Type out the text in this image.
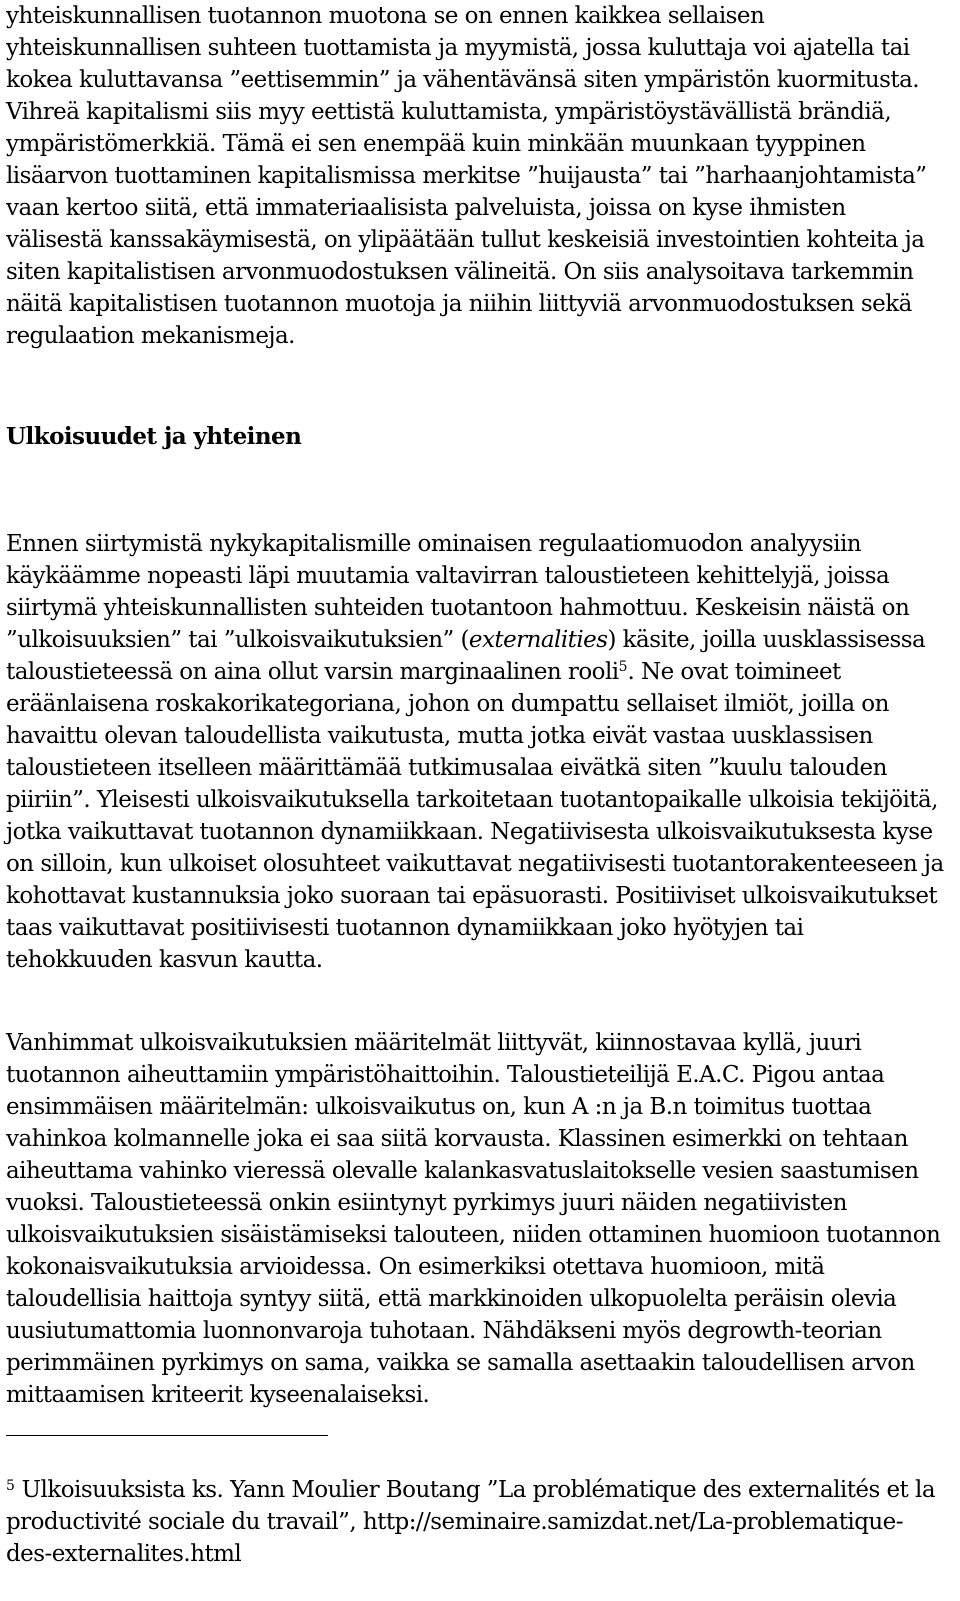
yhteiskunnallisen tuotannon muotona se on ennen kaikkea sellaisen yhteiskunnallisen suhteen tuottamista ja myymistä, jossa kuluttaja voi ajatella tai kokea kuluttavansa ”eettisemmin” ja vähentävänsä siten ympäristön kuormitusta. Vihreä kapitalismi siis myy eettistä kuluttamista, ympäristöystävällistä brändiä, ympäristömerkkiä. Tämä ei sen enempää kuin minkään muunkaan tyyppinen lisäarvon tuottaminen kapitalismissa merkitse ”huijausta” tai ”harhaanjohtamista” vaan kertoo siitä, että immateriaalisista palveluista, joissa on kyse ihmisten välisestä kanssakäymisestä, on ylipäätään tullut keskeisiä investointien kohteita ja siten kapitalistisen arvonmuodostuksen välineitä. On siis analysoitava tarkemmin näitä kapitalistisen tuotannon muotoja ja niihin liittyviä arvonmuodostuksen sekä regulaation mekanismeja.

Ulkoisuudet ja yhteinen

Ennen siirtymistä nykykapitalismille ominaisen regulaatiomuodon analyysiin käykäämme nopeasti läpi muutamia valtavirran taloustieteen kehittelyjä, joissa siirtymä yhteiskunnallisten suhteiden tuotantoon hahmottuu. Keskeisin näistä on ”ulkoisuuksien” tai ”ulkoisvaikutuksien” (externalities) käsite, joilla uusklassisessa taloustieteessä on aina ollut varsin marginaalinen rooli$^5$. Ne ovat toimineet eräänlaisena roskakorikategoriana, johon on dumpattu sellaiset ilmiöt, joilla on havaittu olevan taloudellista vaikutusta, mutta jotka eivät vastaa uusklassisen taloustieteen itselleen määrittämää tutkimusalaa eivätkä siten ”kuulu talouden piiriin”. Yleisesti ulkoisvaikutuksella tarkoitetaan tuotantopaikalle ulkoisia tekijöitä, jotka vaikuttavat tuotannon dynamiikkaan. Negatiivisesta ulkoisvaikutuksesta kyse on silloin, kun ulkoiset olosuhteet vaikuttavat negatiivisesti tuotantorakenteeseen ja kohottavat kustannuksia joko suoraan tai epäsuorasti. Positiiviset ulkoisvaikutukset taas vaikuttavat positiivisesti tuotannon dynamiikkaan joko hyötyjen tai tehokkuuden kasvun kautta.

Vanhimmat ulkoisvaikutuksien määritelmät liittyvät, kiinnostavaa kyllä, juuri tuotannon aiheuttamiin ympäristöhaittoihin. Taloustieteilijä E.A.C. Pigou antaa ensimmäisen määritelmän: ulkoisvaikutus on, kun A :n ja B.n toimitus tuottaa vahinkoa kolmannelle joka ei saa siitä korvausta. Klassinen esimerkki on tehtaan aiheuttama vahinko vieressä olevalle kalankasvatuslaitokselle vesien saastumisen vuoksi. Taloustieteessä onkin esiintynyt pyrkimys juuri näiden negatiivisten ulkoisvaikutuksien sisäistämiseksi talouteen, niiden ottaminen huomioon tuotannon kokonaisvaikutuksia arvioidessa. On esimerkiksi otettava huomioon, mitä taloudellisia haittoja syntyy siitä, että markkinoiden ulkopuolelta peräisin olevia uusiutumattomia luonnonvaroja tuhotaan. Nähdäkseni myös degrowth-teorian perimmäinen pyrkimys on sama, vaikka se samalla asettaakin taloudellisen arvon mittaamisen kriteerit kyseenalaiseksi.

$^5$ Ulkoisuuksista ks. Yann Moulier Boutang ”La problématique des externalités et la productivité sociale du travail”, http://seminaire.samizdat.net/La-problematique-des-externalites.html
